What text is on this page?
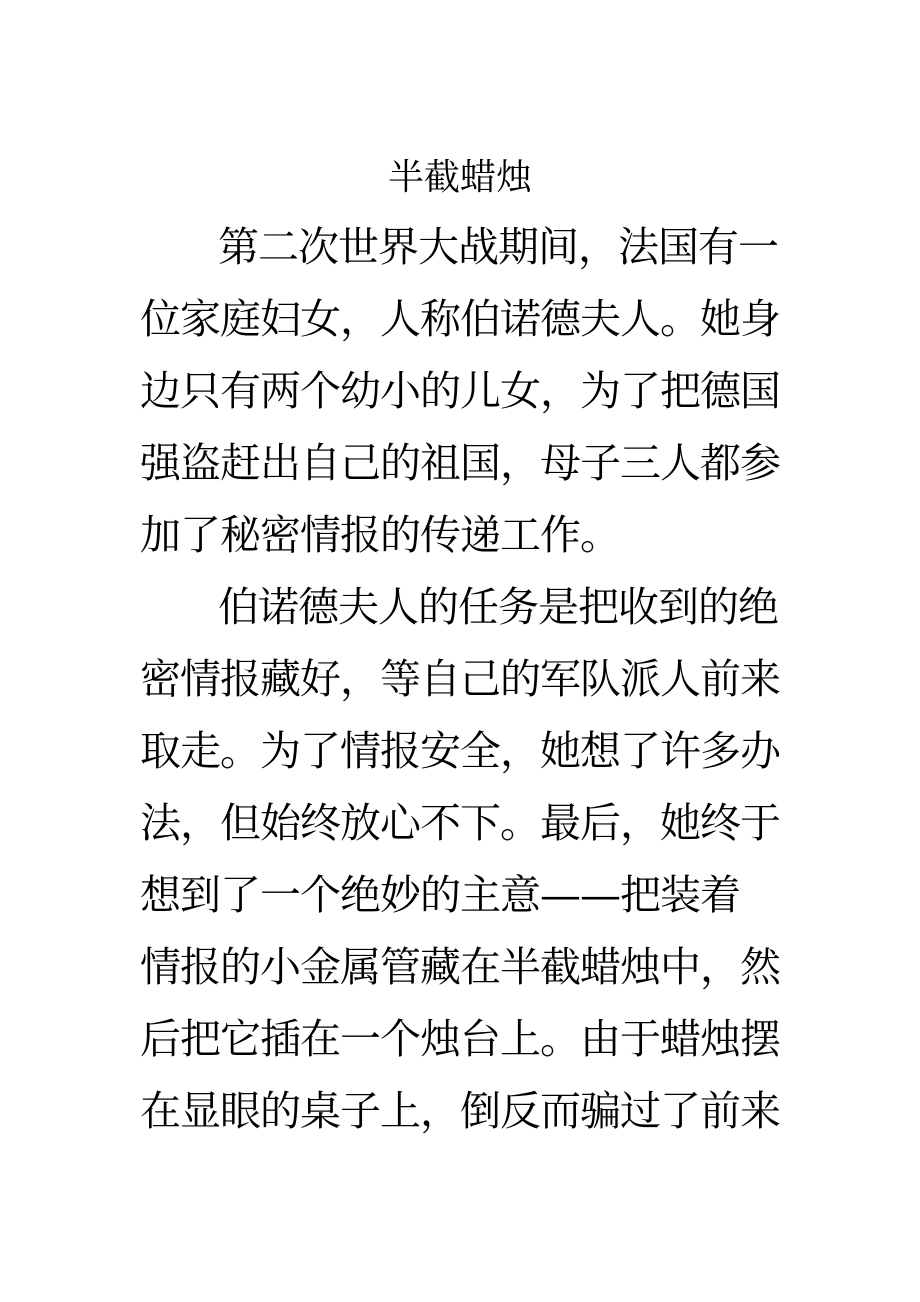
半截蜡烛
第二次世界大战期间，法国有一
位家庭妇女，人称伯诺德夫人。她身
边只有两个幼小的儿女，为了把德国
强盗赶出自己的祖国，母子三人都参
加了秘密情报的传递工作。
伯诺德夫人的任务是把收到的绝
密情报藏好，等自己的军队派人前来
取走。为了情报安全，她想了许多办
法，但始终放心不下。最后，她终于
想到了一个绝妙的主意——把装着
情报的小金属管藏在半截蜡烛中，然
后把它插在一个烛台上。由于蜡烛摆
在显眼的桌子上，倒反而骗过了前来
